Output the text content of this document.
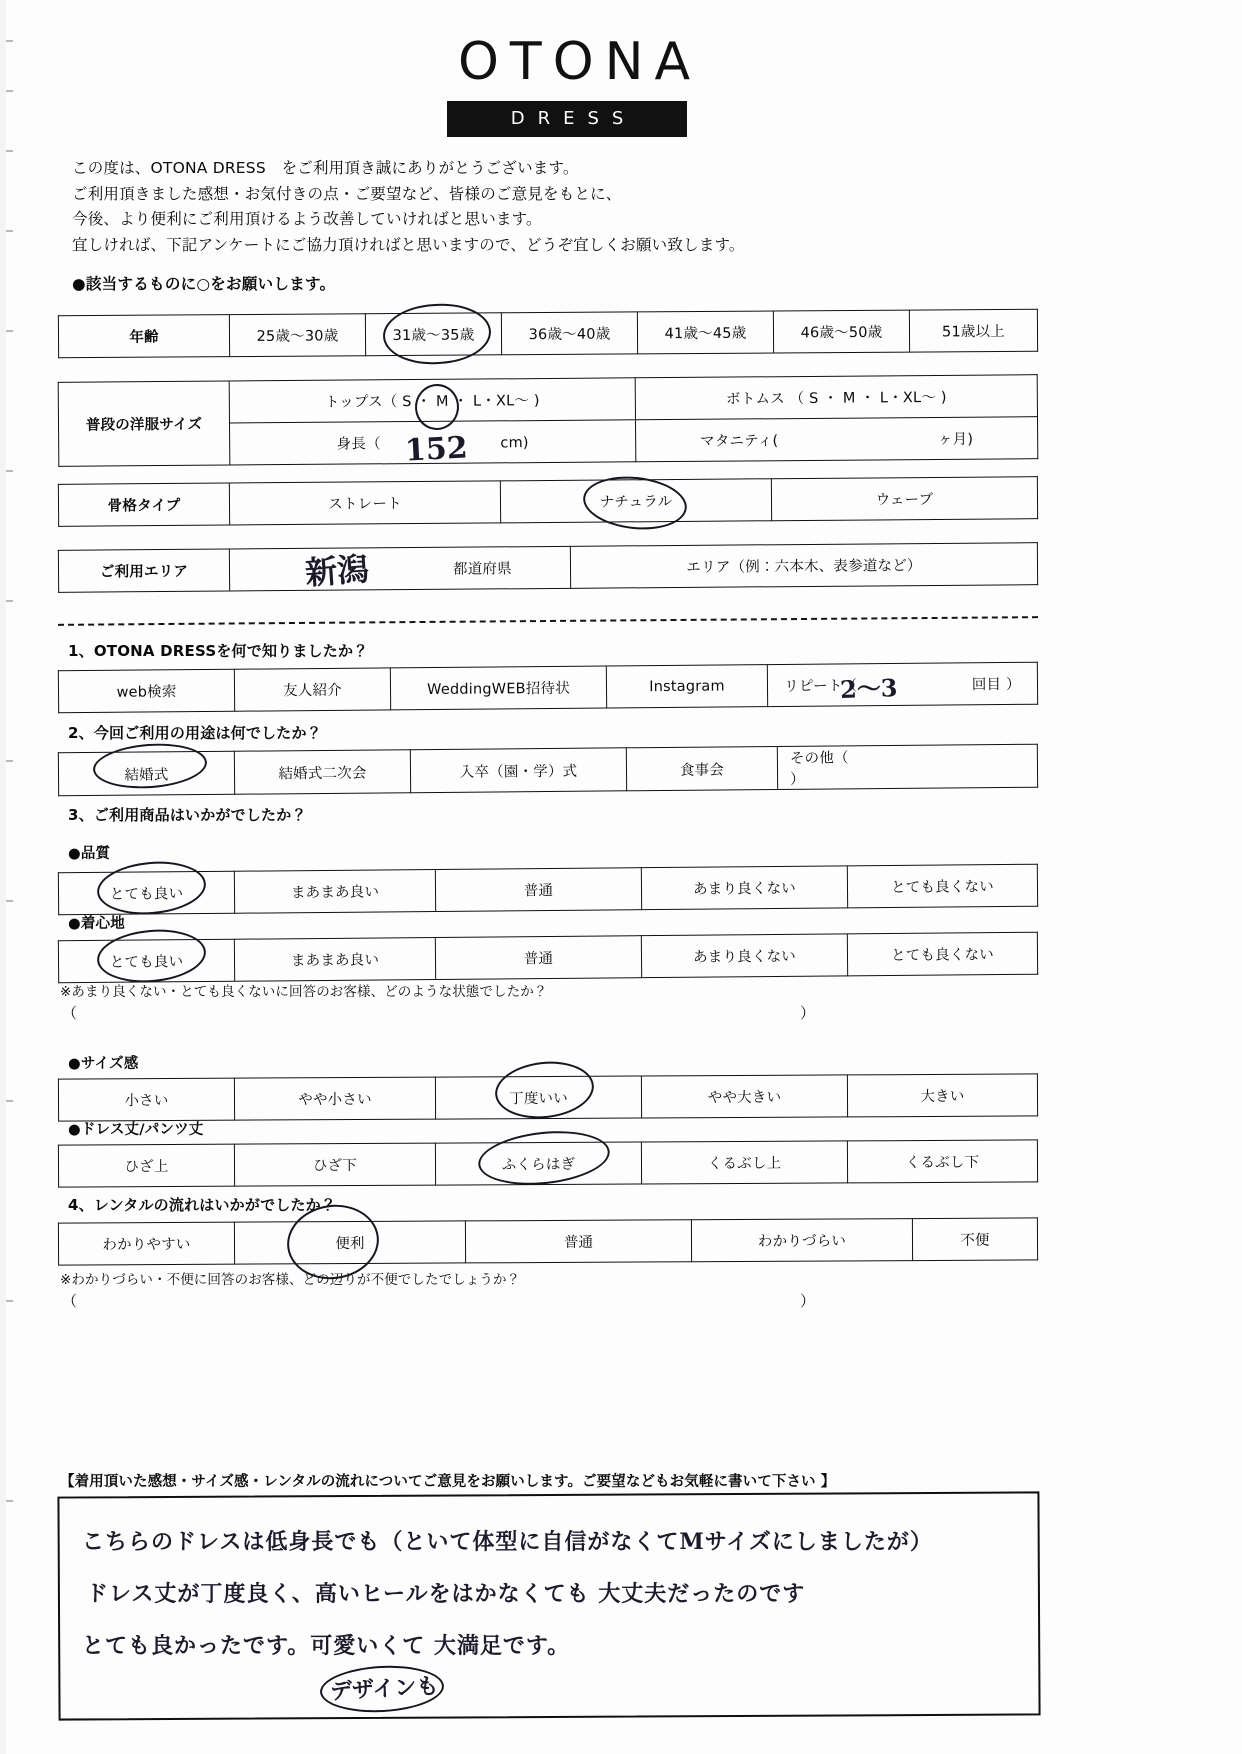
OTONA
DRESS
この度は、OTONA DRESS　をご利用頂き誠にありがとうございます。
ご利用頂きました感想・お気付きの点・ご要望など、皆様のご意見をもとに、
今後、より便利にご利用頂けるよう改善していければと思います。
宜しければ、下記アンケートにご協力頂ければと思いますので、どうぞ宜しくお願い致します。
●該当するものに○をお願いします。
年齢	25歳～30歳	31歳～35歳	36歳～40歳	41歳～45歳	46歳～50歳	51歳以上
普段の洋服サイズ	トップス（ S ・ M ・ L・XL～ )	ボトムス （ S ・ M ・ L・XL～ )
	身長（ cm)	マタニティ( ヶ月)
152
骨格タイプ	ストレート	ナチュラル	ウェーブ
ご利用エリア	都道府県	エリア（例：六本木、表参道など）
新潟
1、OTONA DRESSを何で知りましたか？
web検索	友人紹介	WeddingWEB招待状	Instagram	リピート（	回目 ）
2～3
2、今回ご利用の用途は何でしたか？
結婚式	結婚式二次会	入卒（園・学）式	食事会	その他（  ）
3、ご利用商品はいかがでしたか？
●品質
とても良い	まあまあ良い	普通	あまり良くない	とても良くない
●着心地
とても良い	まあまあ良い	普通	あまり良くない	とても良くない
※あまり良くない・とても良くないに回答のお客様、どのような状態でしたか？
（	）
●サイズ感
小さい	やや小さい	丁度いい	やや大きい	大きい
●ドレス丈/パンツ丈
ひざ上	ひざ下	ふくらはぎ	くるぶし上	くるぶし下
4、レンタルの流れはいかがでしたか？
わかりやすい	便利	普通	わかりづらい	不便
※わかりづらい・不便に回答のお客様、どの辺りが不便でしたでしょうか？
（	）
【着用頂いた感想・サイズ感・レンタルの流れについてご意見をお願いします。ご要望などもお気軽に書いて下さい 】
こちらのドレスは低身長でも（といて体型に自信がなくてMサイズにしましたが）
ドレス丈が丁度良く、高いヒールをはかなくても 大丈夫だったのです
とても良かったです。可愛いくて 大満足です。
デザインも
